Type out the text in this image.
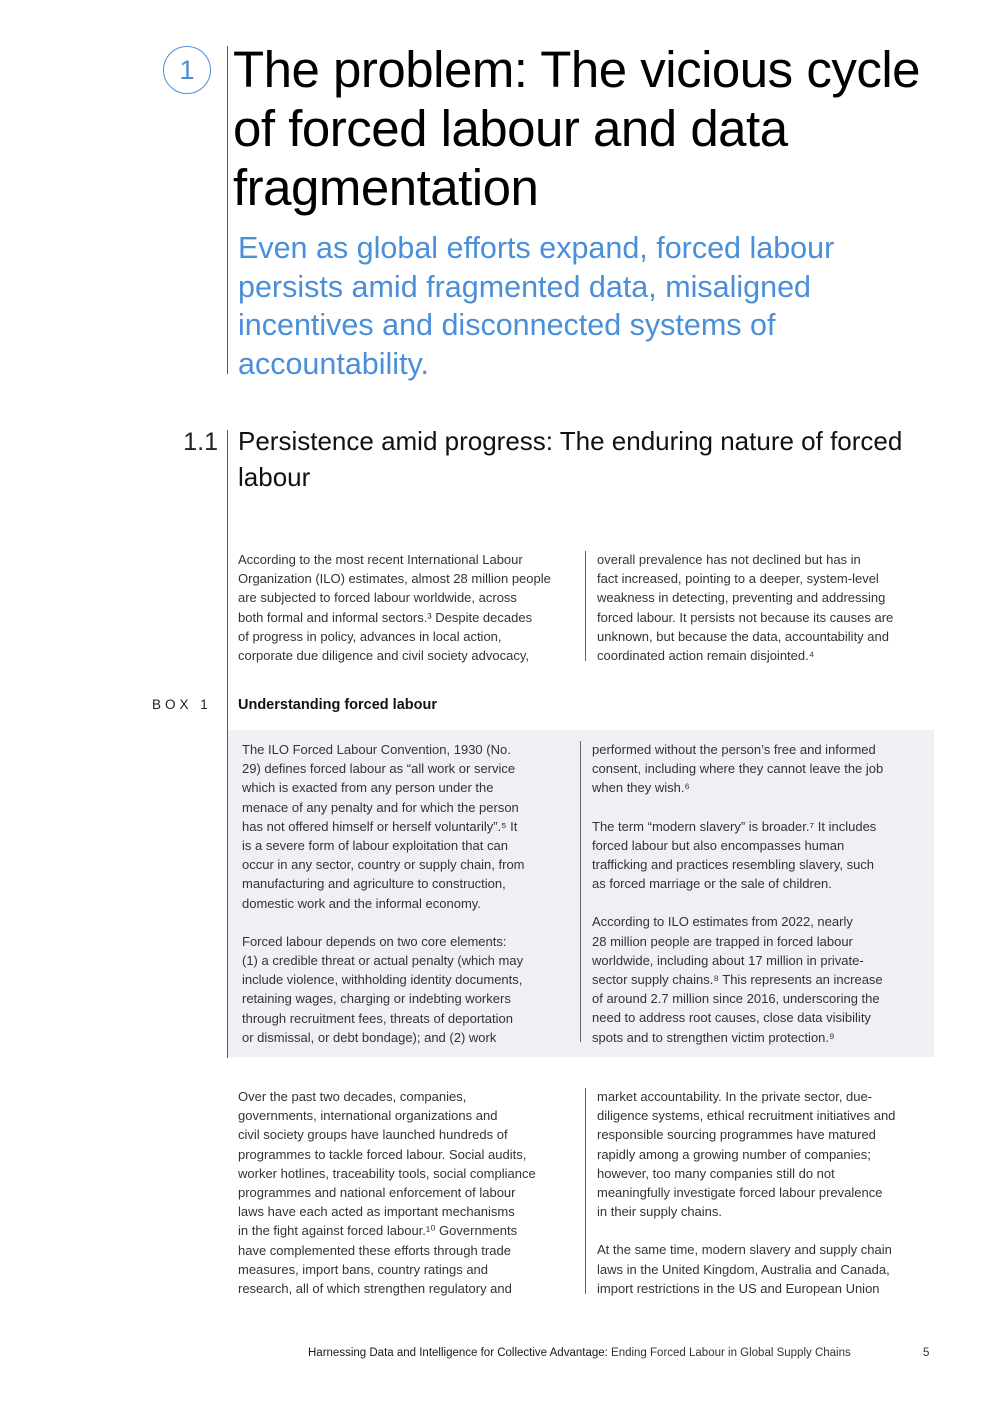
1 The problem: The vicious cycle of forced labour and data fragmentation
Even as global efforts expand, forced labour persists amid fragmented data, misaligned incentives and disconnected systems of accountability.
1.1 Persistence amid progress: The enduring nature of forced labour

According to the most recent International Labour
Organization (ILO) estimates, almost 28 million people
are subjected to forced labour worldwide, across
both formal and informal sectors.³ Despite decades
of progress in policy, advances in local action,
corporate due diligence and civil society advocacy,

overall prevalence has not declined but has in
fact increased, pointing to a deeper, system-level
weakness in detecting, preventing and addressing
forced labour. It persists not because its causes are
unknown, but because the data, accountability and
coordinated action remain disjointed.⁴

BOX 1 Understanding forced labour

The ILO Forced Labour Convention, 1930 (No.
29) defines forced labour as “all work or service
which is exacted from any person under the
menace of any penalty and for which the person
has not offered himself or herself voluntarily”.⁵ It
is a severe form of labour exploitation that can
occur in any sector, country or supply chain, from
manufacturing and agriculture to construction,
domestic work and the informal economy.

Forced labour depends on two core elements:
(1) a credible threat or actual penalty (which may
include violence, withholding identity documents,
retaining wages, charging or indebting workers
through recruitment fees, threats of deportation
or dismissal, or debt bondage); and (2) work

performed without the person’s free and informed
consent, including where they cannot leave the job
when they wish.⁶

The term “modern slavery” is broader.⁷ It includes
forced labour but also encompasses human
trafficking and practices resembling slavery, such
as forced marriage or the sale of children.

According to ILO estimates from 2022, nearly
28 million people are trapped in forced labour
worldwide, including about 17 million in private-
sector supply chains.⁸ This represents an increase
of around 2.7 million since 2016, underscoring the
need to address root causes, close data visibility
spots and to strengthen victim protection.⁹

Over the past two decades, companies,
governments, international organizations and
civil society groups have launched hundreds of
programmes to tackle forced labour. Social audits,
worker hotlines, traceability tools, social compliance
programmes and national enforcement of labour
laws have each acted as important mechanisms
in the fight against forced labour.¹⁰ Governments
have complemented these efforts through trade
measures, import bans, country ratings and
research, all of which strengthen regulatory and

market accountability. In the private sector, due-
diligence systems, ethical recruitment initiatives and
responsible sourcing programmes have matured
rapidly among a growing number of companies;
however, too many companies still do not
meaningfully investigate forced labour prevalence
in their supply chains.

At the same time, modern slavery and supply chain
laws in the United Kingdom, Australia and Canada,
import restrictions in the US and European Union

Harnessing Data and Intelligence for Collective Advantage: Ending Forced Labour in Global Supply Chains	5
